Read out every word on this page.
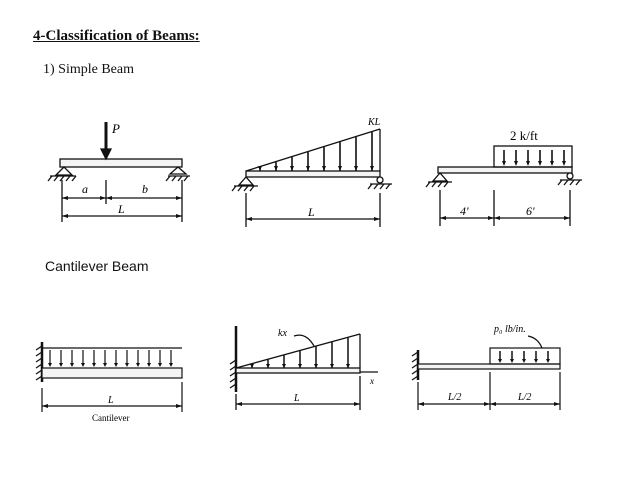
4-Classification of Beams:
1) Simple Beam
Cantilever Beam
P
a	b
L
KL
L
2 k/ft
4′	6′
L
Cantilever
kx
x
L
p₀ lb/in.
L/2	L/2
